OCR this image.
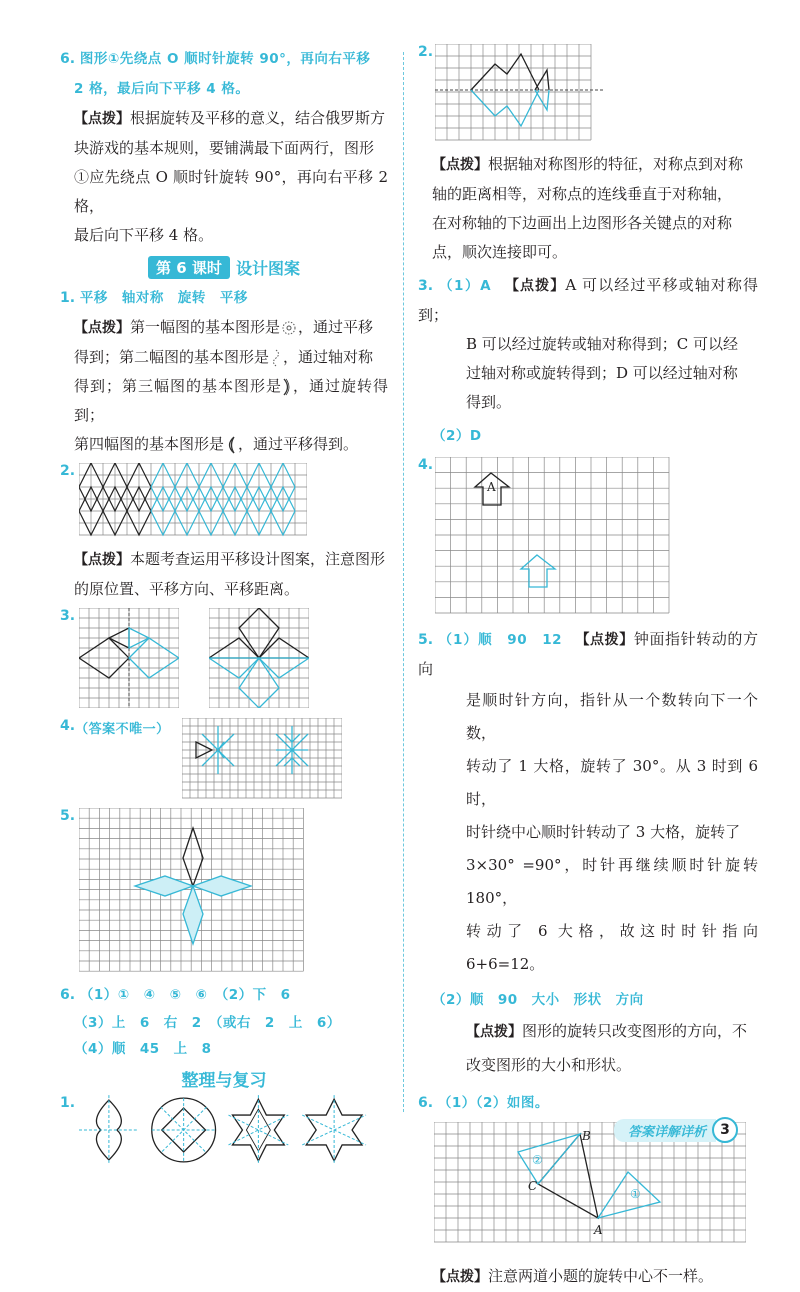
6. 图形①先绕点 O 顺时针旋转 90°，再向右平移

2 格，最后向下平移 4 格。

【点拨】根据旋转及平移的意义，结合俄罗斯方

块游戏的基本规则，要铺满最下面两行，图形

①应先绕点 O 顺时针旋转 90°，再向右平移 2 格，

最后向下平移 4 格。

第 6 课时 设计图案

1. 平移　轴对称　旋转　平移

【点拨】第一幅图的基本图形是 ，通过平移

得到；第二幅图的基本图形是 ，通过轴对称

得到；第三幅图的基本图形是 ，通过旋转得到；

第四幅图的基本图形是 ，通过平移得到。

2.

【点拨】本题考查运用平移设计图案，注意图形

的原位置、平移方向、平移距离。

3.
4. （答案不唯一）
5.

6. （1）①　④　⑤　⑥　（2）下　6

（3）上　6　右　2　（或右　2　上　6）

（4）顺　45　上　8

整理与复习
1.
2.

【点拨】根据轴对称图形的特征，对称点到对称

轴的距离相等，对称点的连线垂直于对称轴，

在对称轴的下边画出上边图形各关键点的对称

点，顺次连接即可。

3. （1）A 【点拨】A 可以经过平移或轴对称得到；

B 可以经过旋转或轴对称得到；C 可以经

过轴对称或旋转得到；D 可以经过轴对称

得到。

（2）D

4.
A

5. （1）顺　90　12 【点拨】钟面指针转动的方向

是顺时针方向，指针从一个数转向下一个数，

转动了 1 大格，旋转了 30°。从 3 时到 6 时，

时针绕中心顺时针转动了 3 大格，旋转了

3×30° =90°，时针再继续顺时针旋转 180°，

转动了 6 大格，故这时时针指向 6+6=12。

（2）顺　90　大小　形状　方向

【点拨】图形的旋转只改变图形的方向，不

改变图形的大小和形状。

6. （1）（2）如图。

B
C
A
②
①

【点拨】注意两道小题的旋转中心不一样。

答案详解详析	3
